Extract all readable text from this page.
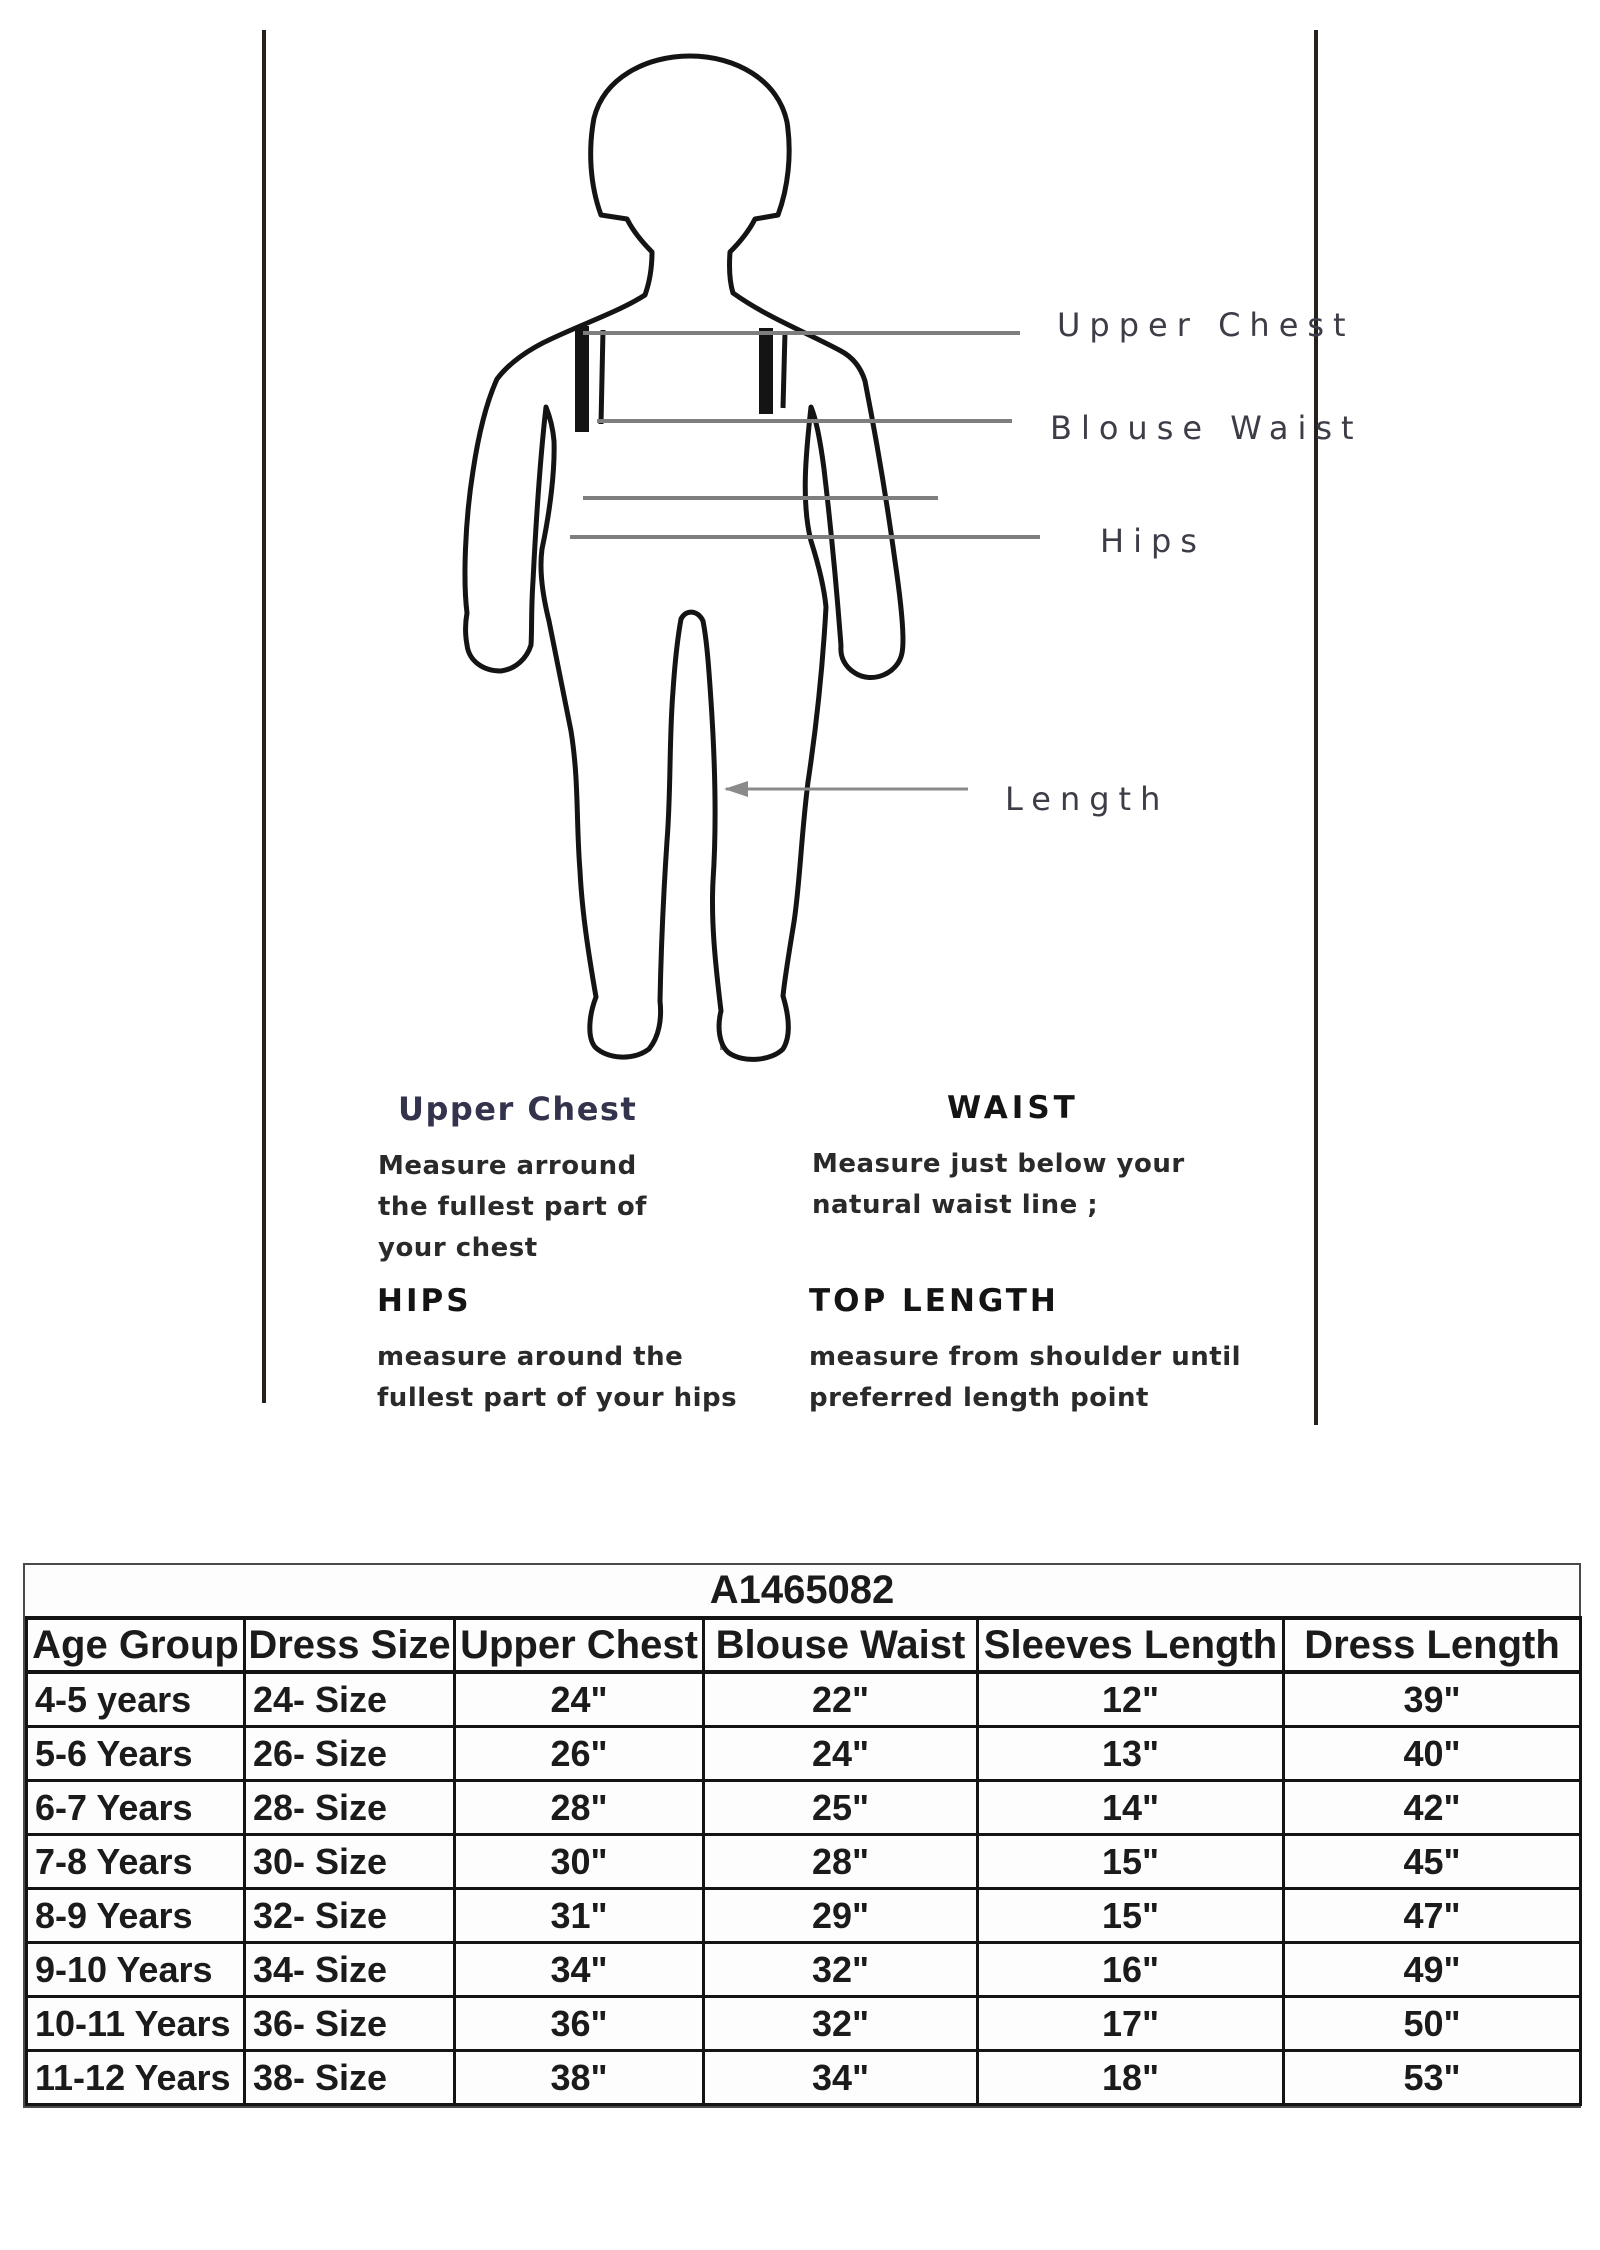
Upper Chest
Blouse Waist
Hips
Length
Upper Chest
Measure arround
the fullest part of
your chest
WAIST
Measure just below your
natural waist line ;
HIPS
measure around the
fullest part of your hips
TOP LENGTH
measure from shoulder until
preferred length point
A1465082
Age Group	Dress Size	Upper Chest	Blouse Waist	Sleeves Length	Dress Length
4-5 years	24- Size	24"	22"	12"	39"
5-6 Years	26- Size	26"	24"	13"	40"
6-7 Years	28- Size	28"	25"	14"	42"
7-8 Years	30- Size	30"	28"	15"	45"
8-9 Years	32- Size	31"	29"	15"	47"
9-10 Years	34- Size	34"	32"	16"	49"
10-11 Years	36- Size	36"	32"	17"	50"
11-12 Years	38- Size	38"	34"	18"	53"
